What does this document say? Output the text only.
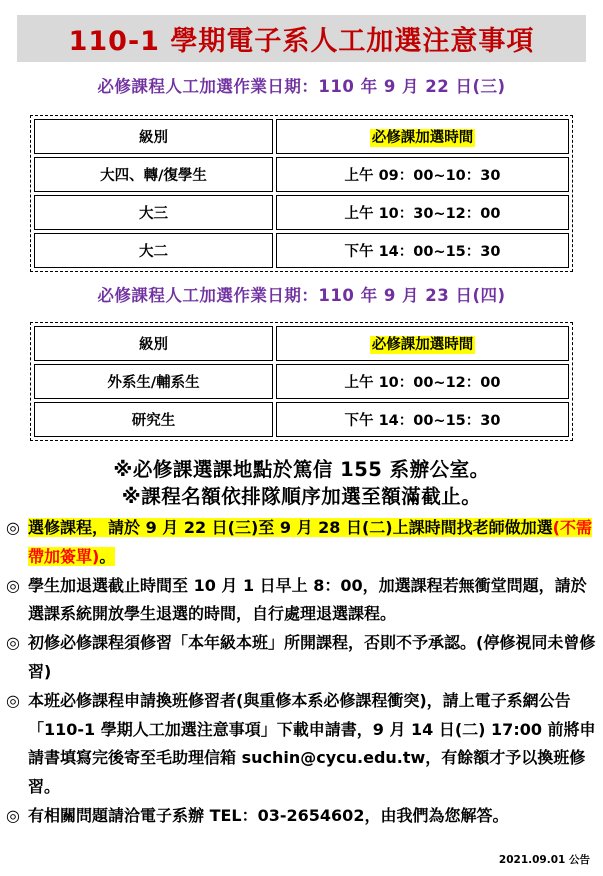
110-1 學期電子系人工加選注意事項
必修課程人工加選作業日期：110 年 9 月 22 日(三)
級別	必修課加選時間
大四、轉/復學生	上午 09：00~10：30
大三	上午 10：30~12：00
大二	下午 14：00~15：30
必修課程人工加選作業日期：110 年 9 月 23 日(四)
級別	必修課加選時間
外系生/輔系生	上午 10：00~12：00
研究生	下午 14：00~15：30
※必修課選課地點於篤信 155 系辦公室。
※課程名額依排隊順序加選至額滿截止。

◎ 選修課程，請於 9 月 22 日(三)至 9 月 28 日(二)上課時間找老師做加選(不需帶加簽單)。

◎ 學生加退選截止時間至 10 月 1 日早上 8：00，加選課程若無衝堂問題，請於選課系統開放學生退選的時間，自行處理退選課程。

◎ 初修必修課程須修習「本年級本班」所開課程，否則不予承認。(停修視同未曾修習)

◎ 本班必修課程申請換班修習者(與重修本系必修課程衝突)，請上電子系網公告「110-1 學期人工加選注意事項」下載申請書，9 月 14 日(二) 17:00 前將申請書填寫完後寄至毛助理信箱 suchin@cycu.edu.tw，有餘額才予以換班修習。

◎ 有相關問題請洽電子系辦 TEL：03-2654602，由我們為您解答。

2021.09.01 公告
